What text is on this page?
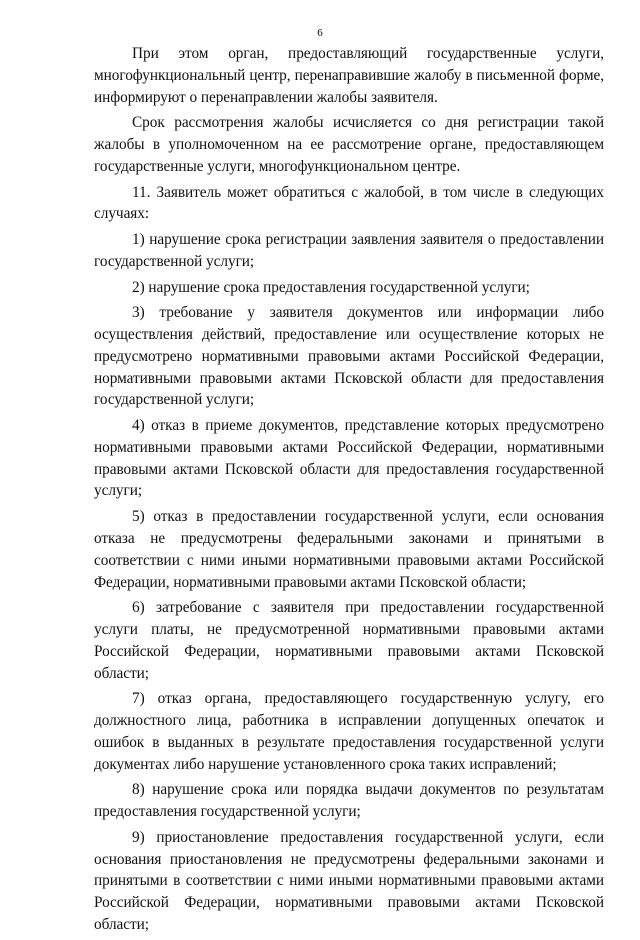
6

При этом орган, предоставляющий государственные услуги, многофункциональный центр, перенаправившие жалобу в письменной форме, информируют о перенаправлении жалобы заявителя.

Срок рассмотрения жалобы исчисляется со дня регистрации такой жалобы в уполномоченном на ее рассмотрение органе, предоставляющем государственные услуги, многофункциональном центре.

11. Заявитель может обратиться с жалобой, в том числе в следующих случаях:

1) нарушение срока регистрации заявления заявителя о предоставлении государственной услуги;

2) нарушение срока предоставления государственной услуги;

3) требование у заявителя документов или информации либо осуществления действий, предоставление или осуществление которых не предусмотрено нормативными правовыми актами Российской Федерации, нормативными правовыми актами Псковской области для предоставления государственной услуги;

4) отказ в приеме документов, представление которых предусмотрено нормативными правовыми актами Российской Федерации, нормативными правовыми актами Псковской области для предоставления государственной услуги;

5) отказ в предоставлении государственной услуги, если основания отказа не предусмотрены федеральными законами и принятыми в соответствии с ними иными нормативными правовыми актами Российской Федерации, нормативными правовыми актами Псковской области;

6) затребование с заявителя при предоставлении государственной услуги платы, не предусмотренной нормативными правовыми актами Российской Федерации, нормативными правовыми актами Псковской области;

7) отказ органа, предоставляющего государственную услугу, его должностного лица, работника в исправлении допущенных опечаток и ошибок в выданных в результате предоставления государственной услуги документах либо нарушение установленного срока таких исправлений;

8) нарушение срока или порядка выдачи документов по результатам предоставления государственной услуги;

9) приостановление предоставления государственной услуги, если основания приостановления не предусмотрены федеральными законами и принятыми в соответствии с ними иными нормативными правовыми актами Российской Федерации, нормативными правовыми актами Псковской области;
